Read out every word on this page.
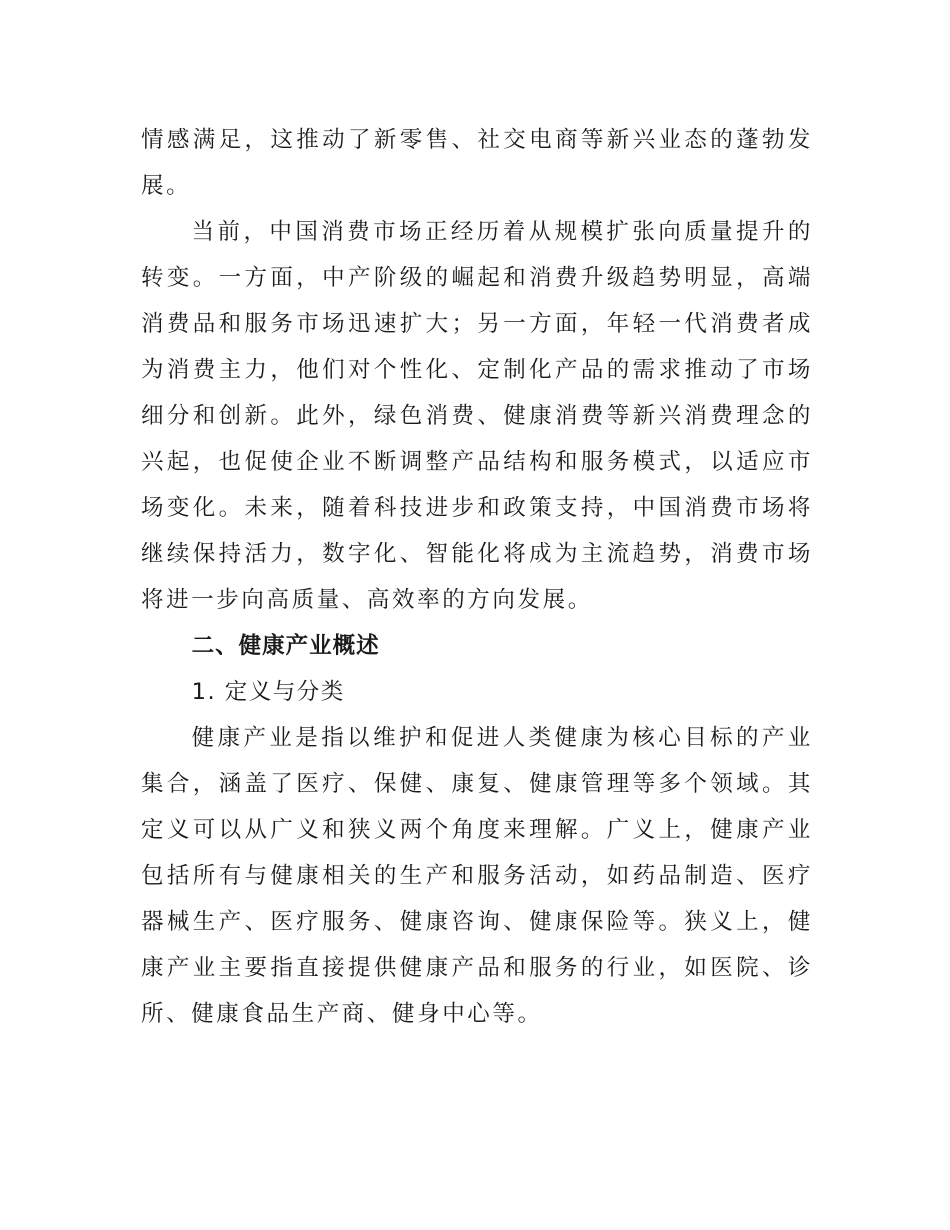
情感满足，这推动了新零售、社交电商等新兴业态的蓬勃发展。

当前，中国消费市场正经历着从规模扩张向质量提升的转变。一方面，中产阶级的崛起和消费升级趋势明显，高端消费品和服务市场迅速扩大；另一方面，年轻一代消费者成为消费主力，他们对个性化、定制化产品的需求推动了市场细分和创新。此外，绿色消费、健康消费等新兴消费理念的兴起，也促使企业不断调整产品结构和服务模式，以适应市场变化。未来，随着科技进步和政策支持，中国消费市场将继续保持活力，数字化、智能化将成为主流趋势，消费市场将进一步向高质量、高效率的方向发展。

二、健康产业概述

1. 定义与分类

健康产业是指以维护和促进人类健康为核心目标的产业集合，涵盖了医疗、保健、康复、健康管理等多个领域。其定义可以从广义和狭义两个角度来理解。广义上，健康产业包括所有与健康相关的生产和服务活动，如药品制造、医疗器械生产、医疗服务、健康咨询、健康保险等。狭义上，健康产业主要指直接提供健康产品和服务的行业，如医院、诊所、健康食品生产商、健身中心等。
